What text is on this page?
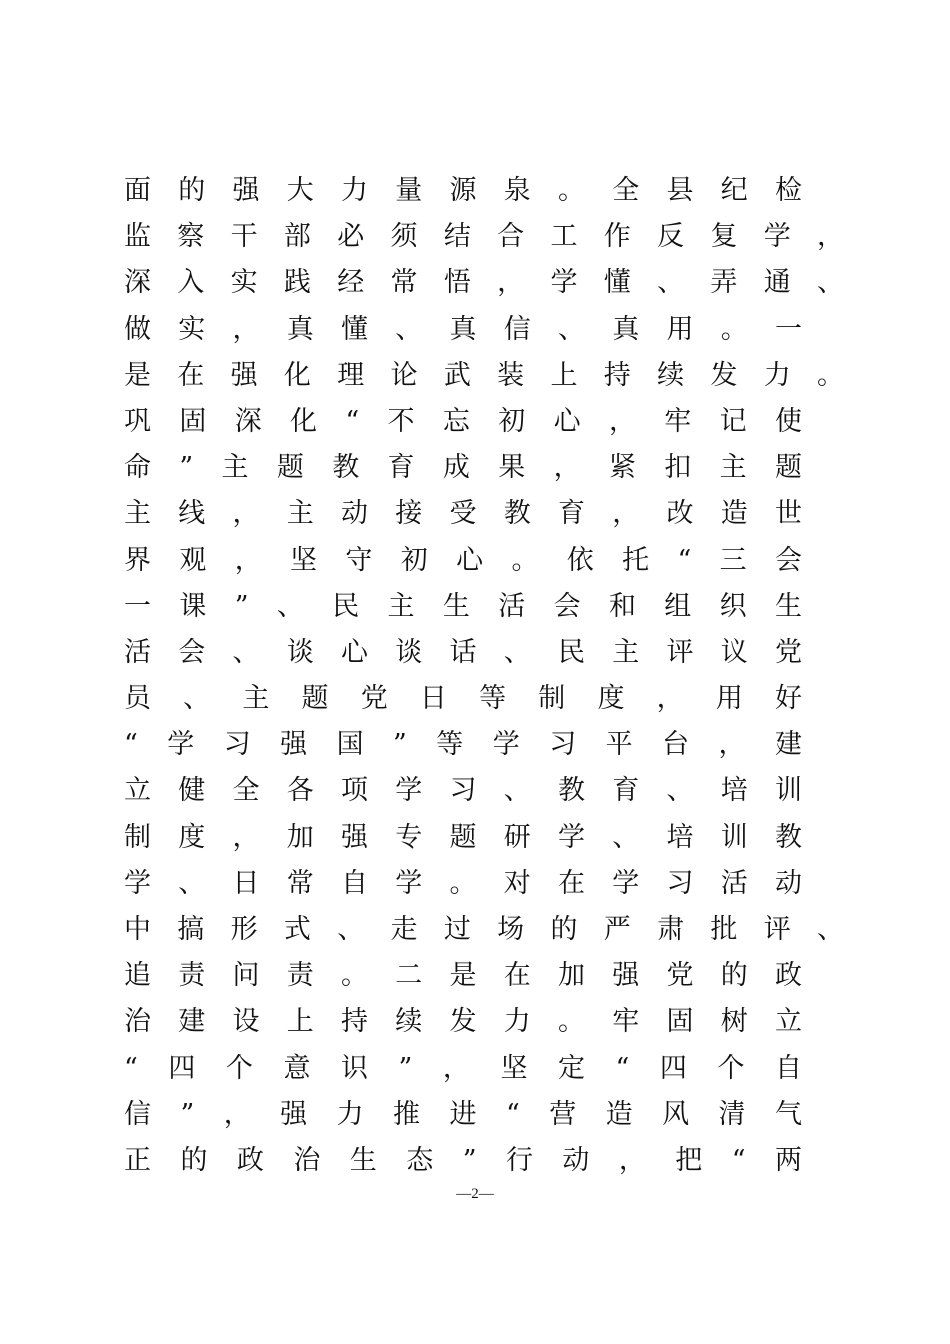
面的强大力量源泉。全县纪检
监察干部必须结合工作反复学，
深入实践经常悟，学懂、弄通、
做实，真懂、真信、真用。一
是在强化理论武装上持续发力。
巩固深化“不忘初心，牢记使
命”主题教育成果，紧扣主题
主线，主动接受教育，改造世
界观，坚守初心。依托“三会
一课”、民主生活会和组织生
活会、谈心谈话、民主评议党
员、主题党日等制度，用好
“学习强国”等学习平台，建
立健全各项学习、教育、培训
制度，加强专题研学、培训教
学、日常自学。对在学习活动
中搞形式、走过场的严肃批评、
追责问责。二是在加强党的政
治建设上持续发力。牢固树立
“四个意识”，坚定“四个自
信”，强力推进“营造风清气
正的政治生态”行动，把“两
—2—
